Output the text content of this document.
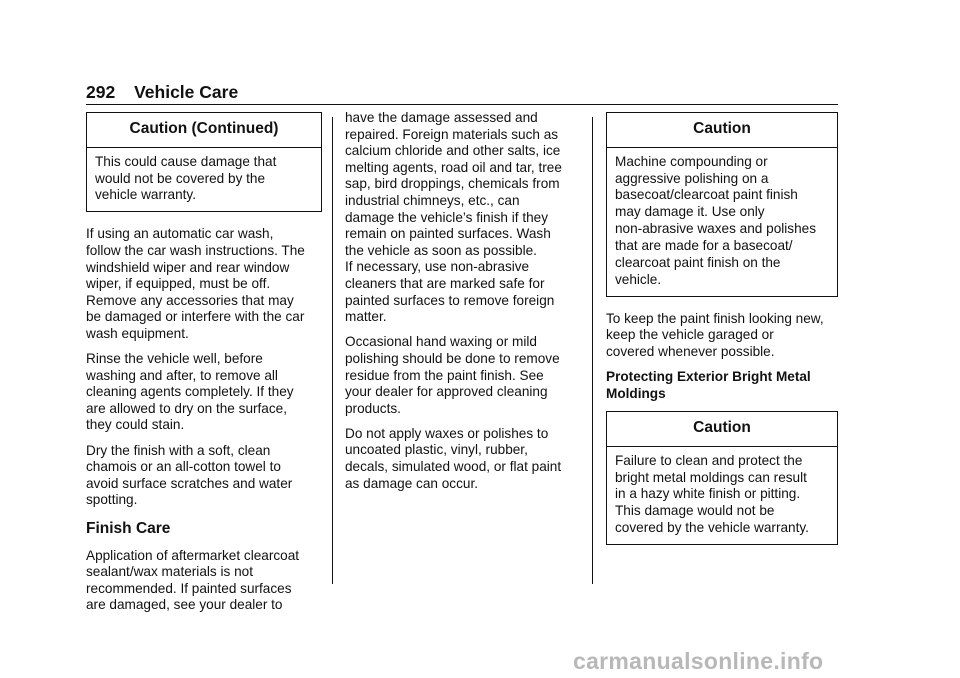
292 Vehicle Care
Caution (Continued)
This could cause damage that
would not be covered by the
vehicle warranty.

If using an automatic car wash,
follow the car wash instructions. The
windshield wiper and rear window
wiper, if equipped, must be off.
Remove any accessories that may
be damaged or interfere with the car
wash equipment.

Rinse the vehicle well, before
washing and after, to remove all
cleaning agents completely. If they
are allowed to dry on the surface,
they could stain.

Dry the finish with a soft, clean
chamois or an all-cotton towel to
avoid surface scratches and water
spotting.

Finish Care

Application of aftermarket clearcoat
sealant/wax materials is not
recommended. If painted surfaces
are damaged, see your dealer to

have the damage assessed and
repaired. Foreign materials such as
calcium chloride and other salts, ice
melting agents, road oil and tar, tree
sap, bird droppings, chemicals from
industrial chimneys, etc., can
damage the vehicle’s finish if they
remain on painted surfaces. Wash
the vehicle as soon as possible.
If necessary, use non-abrasive
cleaners that are marked safe for
painted surfaces to remove foreign
matter.

Occasional hand waxing or mild
polishing should be done to remove
residue from the paint finish. See
your dealer for approved cleaning
products.

Do not apply waxes or polishes to
uncoated plastic, vinyl, rubber,
decals, simulated wood, or flat paint
as damage can occur.

Caution
Machine compounding or
aggressive polishing on a
basecoat/clearcoat paint finish
may damage it. Use only
non-abrasive waxes and polishes
that are made for a basecoat/
clearcoat paint finish on the
vehicle.

To keep the paint finish looking new,
keep the vehicle garaged or
covered whenever possible.

Protecting Exterior Bright Metal
Moldings

Caution
Failure to clean and protect the
bright metal moldings can result
in a hazy white finish or pitting.
This damage would not be
covered by the vehicle warranty.
carmanualsonline.info
